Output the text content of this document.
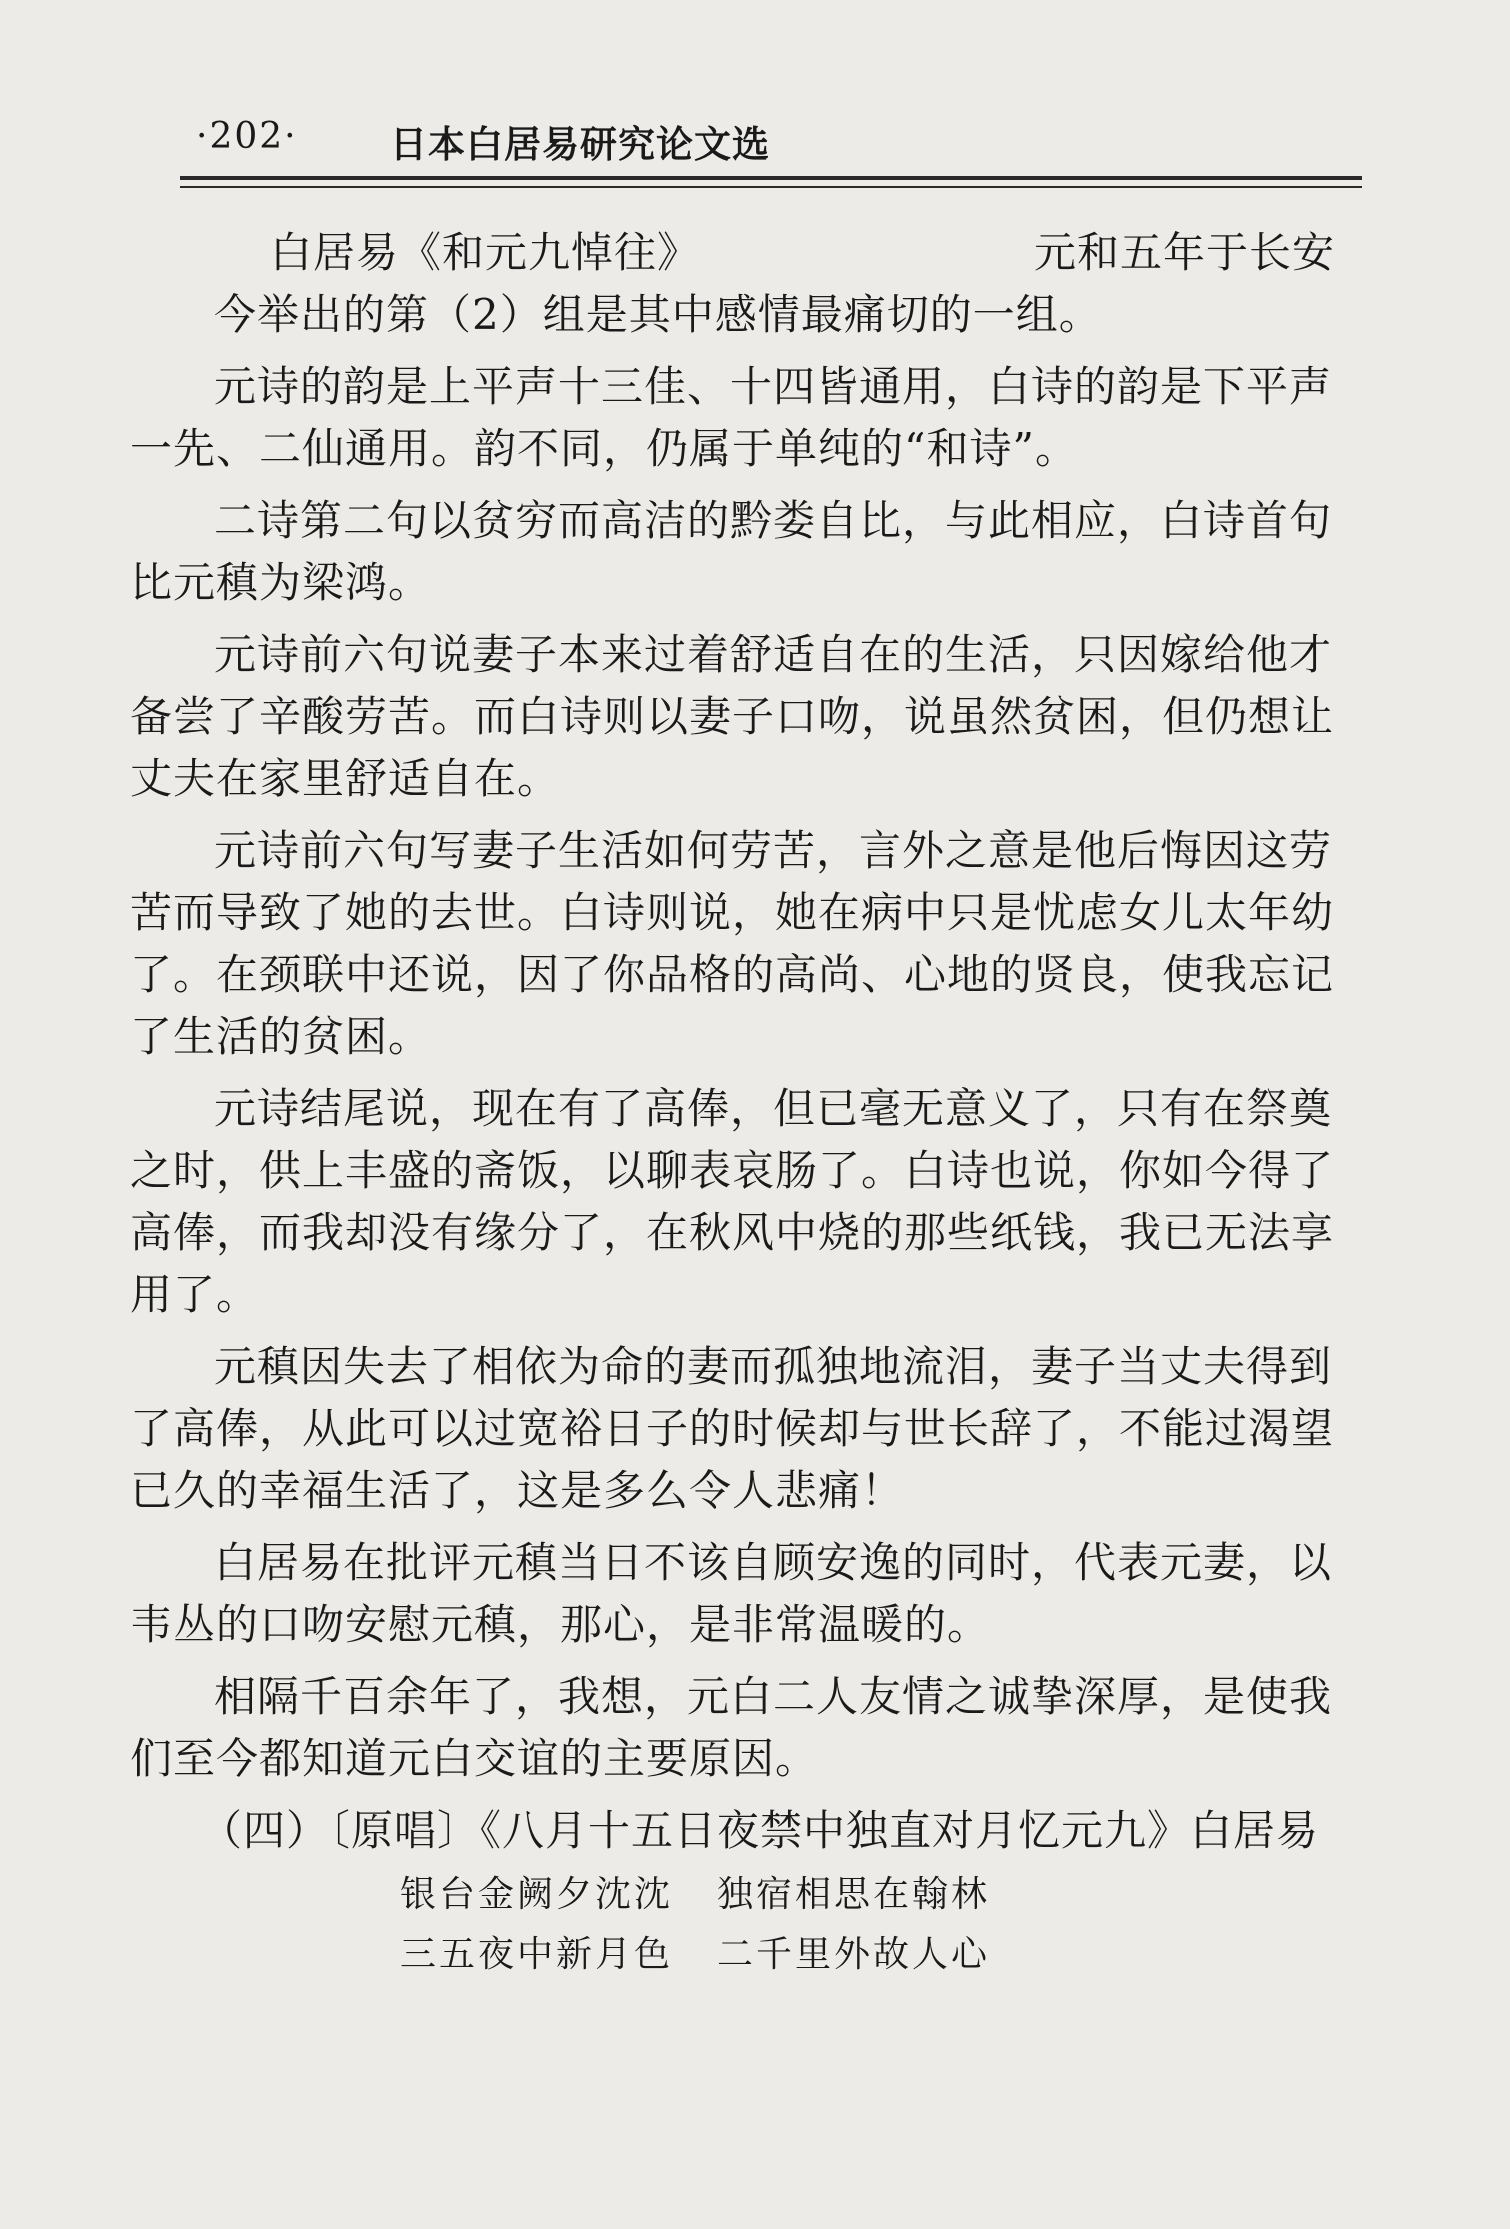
·202· 日本白居易研究论文选
白居易《和元九悼往》	元和五年于长安
今举出的第（2）组是其中感情最痛切的一组。
元诗的韵是上平声十三佳、十四皆通用，白诗的韵是下平声
一先、二仙通用。韵不同，仍属于单纯的“和诗”。
二诗第二句以贫穷而高洁的黔娄自比，与此相应，白诗首句
比元稹为梁鸿。
元诗前六句说妻子本来过着舒适自在的生活，只因嫁给他才
备尝了辛酸劳苦。而白诗则以妻子口吻，说虽然贫困，但仍想让
丈夫在家里舒适自在。
元诗前六句写妻子生活如何劳苦，言外之意是他后悔因这劳
苦而导致了她的去世。白诗则说，她在病中只是忧虑女儿太年幼
了。在颈联中还说，因了你品格的高尚、心地的贤良，使我忘记
了生活的贫困。
元诗结尾说，现在有了高俸，但已毫无意义了，只有在祭奠
之时，供上丰盛的斋饭，以聊表哀肠了。白诗也说，你如今得了
高俸，而我却没有缘分了，在秋风中烧的那些纸钱，我已无法享
用了。
元稹因失去了相依为命的妻而孤独地流泪，妻子当丈夫得到
了高俸，从此可以过宽裕日子的时候却与世长辞了，不能过渴望
已久的幸福生活了，这是多么令人悲痛！
白居易在批评元稹当日不该自顾安逸的同时，代表元妻，以
韦丛的口吻安慰元稹，那心，是非常温暖的。
相隔千百余年了，我想，元白二人友情之诚挚深厚，是使我
们至今都知道元白交谊的主要原因。
（四）〔原唱〕《八月十五日夜禁中独直对月忆元九》白居易
银台金阙夕沈沈 独宿相思在翰林
三五夜中新月色 二千里外故人心
